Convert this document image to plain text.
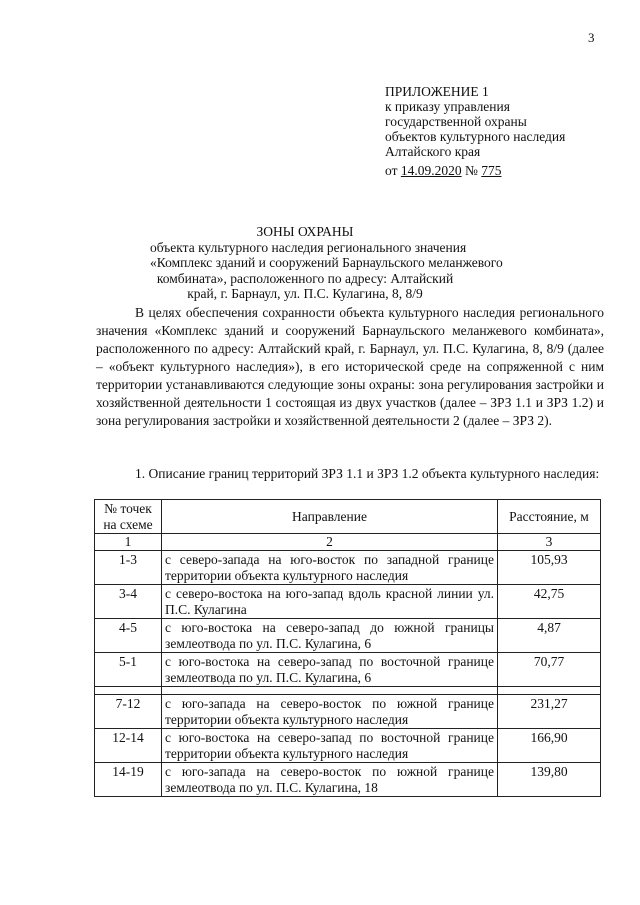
3
ПРИЛОЖЕНИЕ 1
к приказу управления
государственной охраны
объектов культурного наследия
Алтайского края
от 14.09.2020 № 775
ЗОНЫ ОХРАНЫ
объекта культурного наследия регионального значения
«Комплекс зданий и сооружений Барнаульского меланжевого
комбината», расположенного по адресу: Алтайский
край, г. Барнаул, ул. П.С. Кулагина, 8, 8/9

В целях обеспечения сохранности объекта культурного наследия регионального значения «Комплекс зданий и сооружений Барнаульского меланжевого комбината», расположенного по адресу: Алтайский край, г. Барнаул, ул. П.С. Кулагина, 8, 8/9 (далее – «объект культурного наследия»), в его исторической среде на сопряженной с ним территории устанавливаются следующие зоны охраны: зона регулирования застройки и хозяйственной деятельности 1 состоящая из двух участков (далее – ЗРЗ 1.1 и ЗРЗ 1.2) и зона регулирования застройки и хозяйственной деятельности 2 (далее – ЗРЗ 2).

1. Описание границ территорий ЗРЗ 1.1 и ЗРЗ 1.2 объекта культурного наследия:

№ точек на схеме	Направление	Расстояние, м
1	2	3
1-3	с северо-запада на юго-восток по западной границе территории объекта культурного наследия	105,93
3-4	с северо-востока на юго-запад вдоль красной линии ул. П.С. Кулагина	42,75
4-5	с юго-востока на северо-запад до южной границы землеотвода по ул. П.С. Кулагина, 6	4,87
5-1	с юго-востока на северо-запад по восточной границе землеотвода по ул. П.С. Кулагина, 6	70,77

7-12	с юго-запада на северо-восток по южной границе территории объекта культурного наследия	231,27
12-14	с юго-востока на северо-запад по восточной границе территории объекта культурного наследия	166,90
14-19	с юго-запада на северо-восток по южной границе землеотвода по ул. П.С. Кулагина, 18	139,80
